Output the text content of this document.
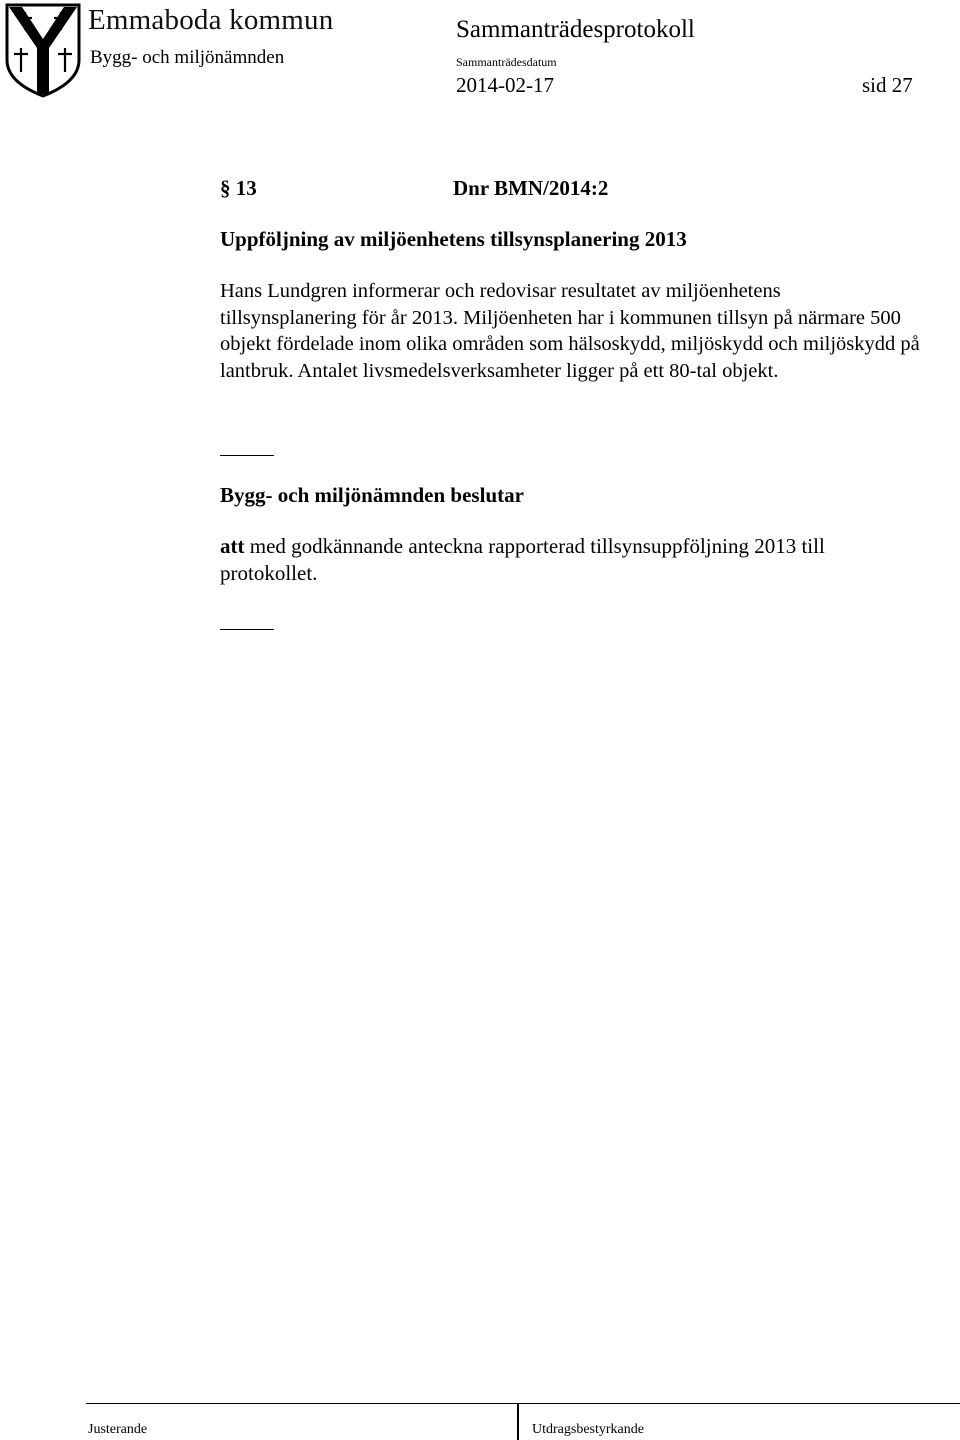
Emmaboda kommun
Bygg- och miljönämnden
Sammanträdesprotokoll
Sammanträdesdatum
2014-02-17	sid 27
§ 13	Dnr BMN/2014:2
Uppföljning av miljöenhetens tillsynsplanering 2013
Hans Lundgren informerar och redovisar resultatet av miljöenhetens tillsynsplanering för år 2013. Miljöenheten har i kommunen tillsyn på närmare 500 objekt fördelade inom olika områden som hälsoskydd, miljöskydd och miljöskydd på lantbruk. Antalet livsmedelsverksamheter ligger på ett 80-tal objekt.
Bygg- och miljönämnden beslutar
att med godkännande anteckna rapporterad tillsynsuppföljning 2013 till protokollet.
Justerande	Utdragsbestyrkande
